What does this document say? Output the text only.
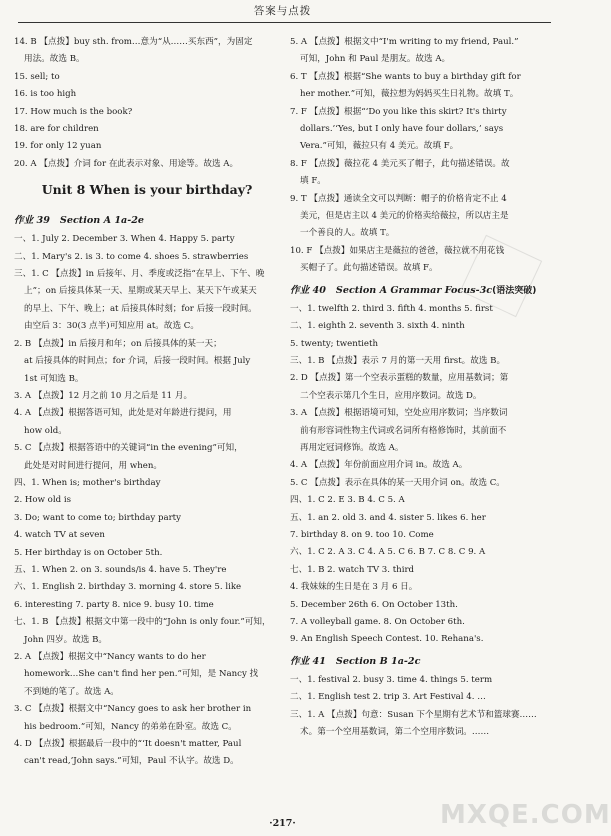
答案与点拨
14. B 【点拨】buy sth. from…意为“从……买东西”，为固定
用法。故选 B。
15. sell; to
16. is too high
17. How much is the book?
18. are for children
19. for only 12 yuan
20. A 【点拨】介词 for 在此表示对象、用途等。故选 A。
Unit 8 When is your birthday?
作业 39 Section A 1a-2e
一、1. July 2. December 3. When 4. Happy 5. party
二、1. Mary's 2. is 3. to come 4. shoes 5. strawberries
三、1. C 【点拨】in 后接年、月、季度或泛指“在早上、下午、晚
上”；on 后接具体某一天、星期或某天早上、某天下午或某天
的早上、下午、晚上；at 后接具体时刻；for 后接一段时间。
由空后 3：30(3 点半)可知应用 at。故选 C。
2. B 【点拨】in 后接月和年；on 后接具体的某一天；
at 后接具体的时间点；for 介词，后接一段时间。根据 July
1st 可知选 B。
3. A 【点拨】12 月之前 10 月之后是 11 月。
4. A 【点拨】根据答语可知，此处是对年龄进行提问，用
how old。
5. C 【点拨】根据答语中的关键词“in the evening”可知，
此处是对时间进行提问，用 when。
四、1. When is; mother's birthday
2. How old is
3. Do; want to come to; birthday party
4. watch TV at seven
5. Her birthday is on October 5th.
五、1. When 2. on 3. sounds/is 4. have 5. They're
六、1. English 2. birthday 3. morning 4. store 5. like
6. interesting 7. party 8. nice 9. busy 10. time
七、1. B 【点拨】根据文中第一段中的“John is only four.”可知，
John 四岁。故选 B。
2. A 【点拨】根据文中“Nancy wants to do her
homework…She can't find her pen.”可知，是 Nancy 找
不到她的笔了。故选 A。
3. C 【点拨】根据文中“Nancy goes to ask her brother in
his bedroom.”可知，Nancy 的弟弟在卧室。故选 C。
4. D 【点拨】根据最后一段中的“‘It doesn't matter, Paul
can't read,’John says.”可知，Paul 不认字。故选 D。
5. A 【点拨】根据文中“I'm writing to my friend, Paul.”
可知，John 和 Paul 是朋友。故选 A。
6. T 【点拨】根据“She wants to buy a birthday gift for
her mother.”可知，薇拉想为妈妈买生日礼物。故填 T。
7. F 【点拨】根据“‘Do you like this skirt? It's thirty
dollars.’‘Yes, but I only have four dollars,’ says
Vera.”可知，薇拉只有 4 美元。故填 F。
8. F 【点拨】薇拉花 4 美元买了帽子，此句描述错误。故
填 F。
9. T 【点拨】通读全文可以判断：帽子的价格肯定不止 4
美元，但是店主以 4 美元的价格卖给薇拉，所以店主是
一个善良的人。故填 T。
10. F 【点拨】如果店主是薇拉的爸爸，薇拉就不用花钱
买帽子了。此句描述错误。故填 F。
作业 40 Section A Grammar Focus-3c(语法突破)
一、1. twelfth 2. third 3. fifth 4. months 5. first
二、1. eighth 2. seventh 3. sixth 4. ninth
5. twenty; twentieth
三、1. B 【点拨】表示 7 月的第一天用 first。故选 B。
2. D 【点拨】第一个空表示蛋糕的数量，应用基数词；第
二个空表示第几个生日，应用序数词。故选 D。
3. A 【点拨】根据语境可知，空处应用序数词；当序数词
前有形容词性物主代词或名词所有格修饰时，其前面不
再用定冠词修饰。故选 A。
4. A 【点拨】年份前面应用介词 in。故选 A。
5. C 【点拨】表示在具体的某一天用介词 on。故选 C。
四、1. C 2. E 3. B 4. C 5. A
五、1. an 2. old 3. and 4. sister 5. likes 6. her
7. birthday 8. on 9. too 10. Come
六、1. C 2. A 3. C 4. A 5. C 6. B 7. C 8. C 9. A
七、1. B 2. watch TV 3. third
4. 我妹妹的生日是在 3 月 6 日。
5. December 26th 6. On October 13th.
7. A volleyball game. 8. On October 6th.
9. An English Speech Contest. 10. Rehana's.
作业 41 Section B 1a-2c
一、1. festival 2. busy 3. time 4. things 5. term
二、1. English test 2. trip 3. Art Festival 4. …
三、1. A 【点拨】句意：Susan 下个星期有艺术节和篮球赛……
术。第一个空用基数词，第二个空用序数词。……
MXQE.COM
·217·
